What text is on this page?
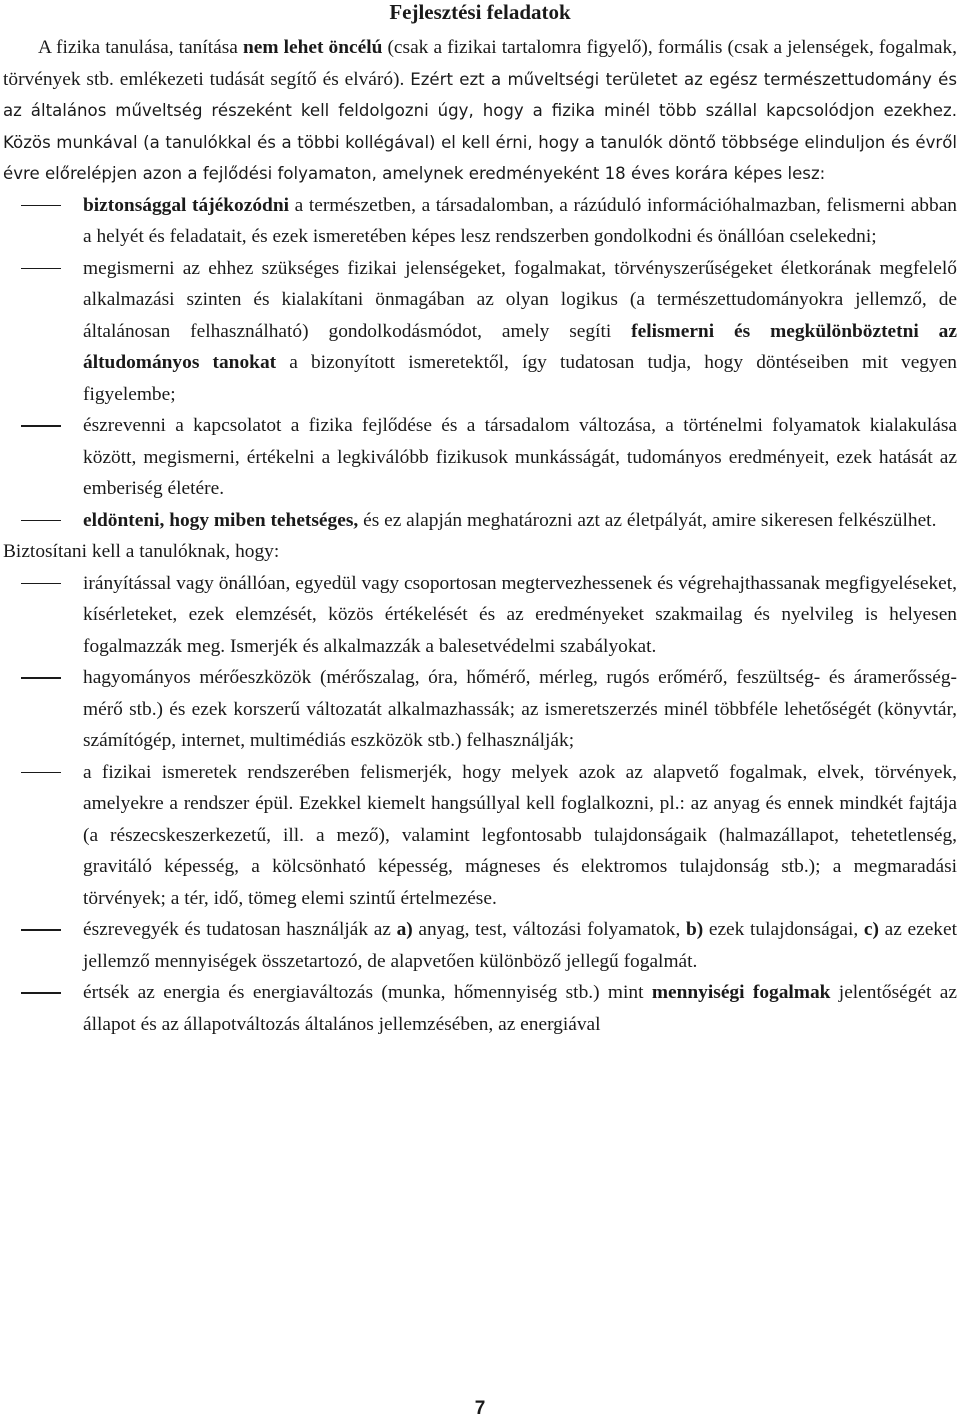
Fejlesztési feladatok

A fizika tanulása, tanítása nem lehet öncélú (csak a fizikai tartalomra figyelő), formális (csak a jelenségek, fogalmak, törvények stb. emlékezeti tudását segítő és elváró). Ezért ezt a műveltségi területet az egész természettudomány és az általános műveltség részeként kell feldolgozni úgy, hogy a fizika minél több szállal kapcsolódjon ezekhez. Közös munkával (a tanulókkal és a többi kollégával) el kell érni, hogy a tanulók döntő többsége elinduljon és évről évre előrelépjen azon a fejlődési folyamaton, amelynek eredményeként 18 éves korára képes lesz:

biztonsággal tájékozódni a természetben, a társadalomban, a rázúduló információhalmazban, felismerni abban a helyét és feladatait, és ezek ismeretében képes lesz rendszerben gondolkodni és önállóan cselekedni;
megismerni az ehhez szükséges fizikai jelenségeket, fogalmakat, törvényszerűségeket életkorának megfelelő alkalmazási szinten és kialakítani önmagában az olyan logikus (a természettudományokra jellemző, de általánosan felhasználható) gondolkodásmódot, amely segíti felismerni és megkülönböztetni az áltudományos tanokat a bizonyított ismeretektől, így tudatosan tudja, hogy döntéseiben mit vegyen figyelembe;
észrevenni a kapcsolatot a fizika fejlődése és a társadalom változása, a történelmi folyamatok kialakulása között, megismerni, értékelni a legkiválóbb fizikusok munkásságát, tudományos eredményeit, ezek hatását az emberiség életére.
eldönteni, hogy miben tehetséges, és ez alapján meghatározni azt az életpályát, amire sikeresen felkészülhet.

Biztosítani kell a tanulóknak, hogy:

irányítással vagy önállóan, egyedül vagy csoportosan megtervezhessenek és végrehajthassanak megfigyeléseket, kísérleteket, ezek elemzését, közös értékelését és az eredményeket szakmailag és nyelvileg is helyesen fogalmazzák meg. Ismerjék és alkalmazzák a balesetvédelmi szabályokat.
hagyományos mérőeszközök (mérőszalag, óra, hőmérő, mérleg, rugós erőmérő, feszültség- és áramerősség-mérő stb.) és ezek korszerű változatát alkalmazhassák; az ismeretszerzés minél többféle lehetőségét (könyvtár, számítógép, internet, multimédiás eszközök stb.) felhasználják;
a fizikai ismeretek rendszerében felismerjék, hogy melyek azok az alapvető fogalmak, elvek, törvények, amelyekre a rendszer épül. Ezekkel kiemelt hangsúllyal kell foglalkozni, pl.: az anyag és ennek mindkét fajtája (a részecskeszerkezetű, ill. a mező), valamint legfontosabb tulajdonságaik (halmazállapot, tehetetlenség, gravitáló képesség, a kölcsönható képesség, mágneses és elektromos tulajdonság stb.); a megmaradási törvények; a tér, idő, tömeg elemi szintű értelmezése.
észrevegyék és tudatosan használják az a) anyag, test, változási folyamatok, b) ezek tulajdonságai, c) az ezeket jellemző mennyiségek összetartozó, de alapvetően különböző jellegű fogalmát.
értsék az energia és energiaváltozás (munka, hőmennyiség stb.) mint mennyiségi fogalmak jelentőségét az állapot és az állapotváltozás általános jellemzésében, az energiával
7
